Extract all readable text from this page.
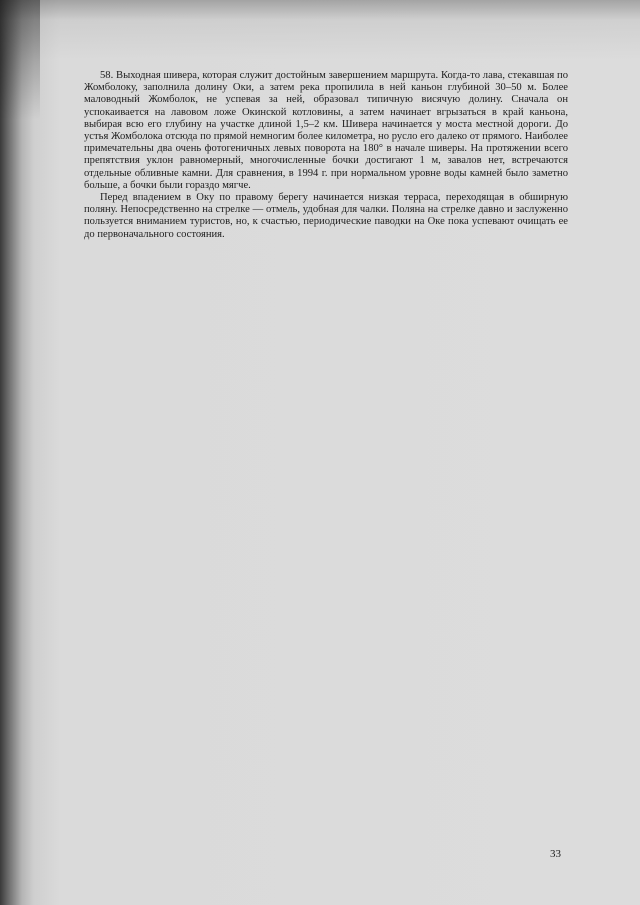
58. Выходная шивера, которая служит достойным завершением маршрута. Когда-то лава, стекавшая по Жомболоку, заполнила долину Оки, а затем река пропилила в ней каньон глубиной 30–50 м. Более маловодный Жомболок, не успевая за ней, образовал типичную висячую долину. Сначала он успокаивается на лавовом ложе Окинской котловины, а затем начинает вгрызаться в край каньона, выбирая всю его глубину на участке длиной 1,5–2 км. Шивера начинается у моста местной дороги. До устья Жомболока отсюда по прямой немногим более километра, но русло его далеко от прямого. Наиболее примечательны два очень фотогеничных левых поворота на 180° в начале шиверы. На протяжении всего препятствия уклон равномерный, многочисленные бочки достигают 1 м, завалов нет, встречаются отдельные обливные камни. Для сравнения, в 1994 г. при нормальном уровне воды камней было заметно больше, а бочки были гораздо мягче.

Перед впадением в Оку по правому берегу начинается низкая терраса, переходящая в обширную поляну. Непосредственно на стрелке — отмель, удобная для чалки. Поляна на стрелке давно и заслуженно пользуется вниманием туристов, но, к счастью, периодические паводки на Оке пока успевают очищать ее до первоначального состояния.

33
